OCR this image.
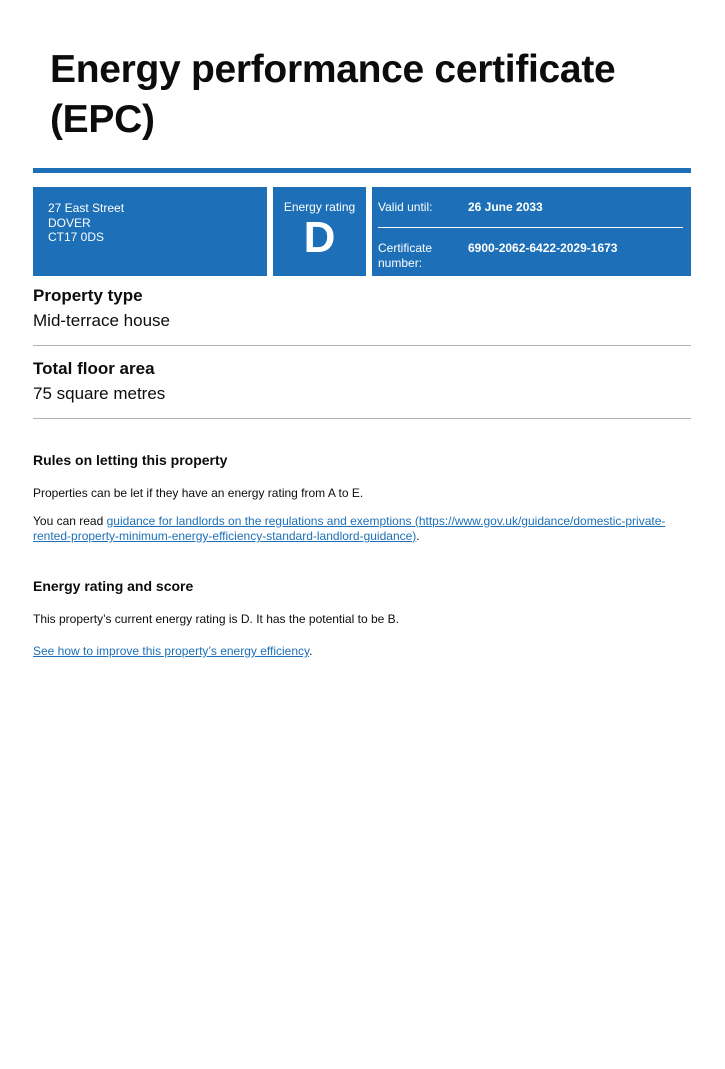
Energy performance certificate
(EPC)
27 East Street
DOVER
CT17 0DS
Energy rating
D
Valid until:	26 June 2033
Certificate number:
6900-2062-6422-2029-1673
Property type

Mid-terrace house

Total floor area

75 square metres

Rules on letting this property

Properties can be let if they have an energy rating from A to E.

You can read guidance for landlords on the regulations and exemptions (https://www.gov.uk/guidance/domestic-private-rented-property-minimum-energy-efficiency-standard-landlord-guidance).

Energy rating and score

This property’s current energy rating is D. It has the potential to be B.

See how to improve this property’s energy efficiency.
